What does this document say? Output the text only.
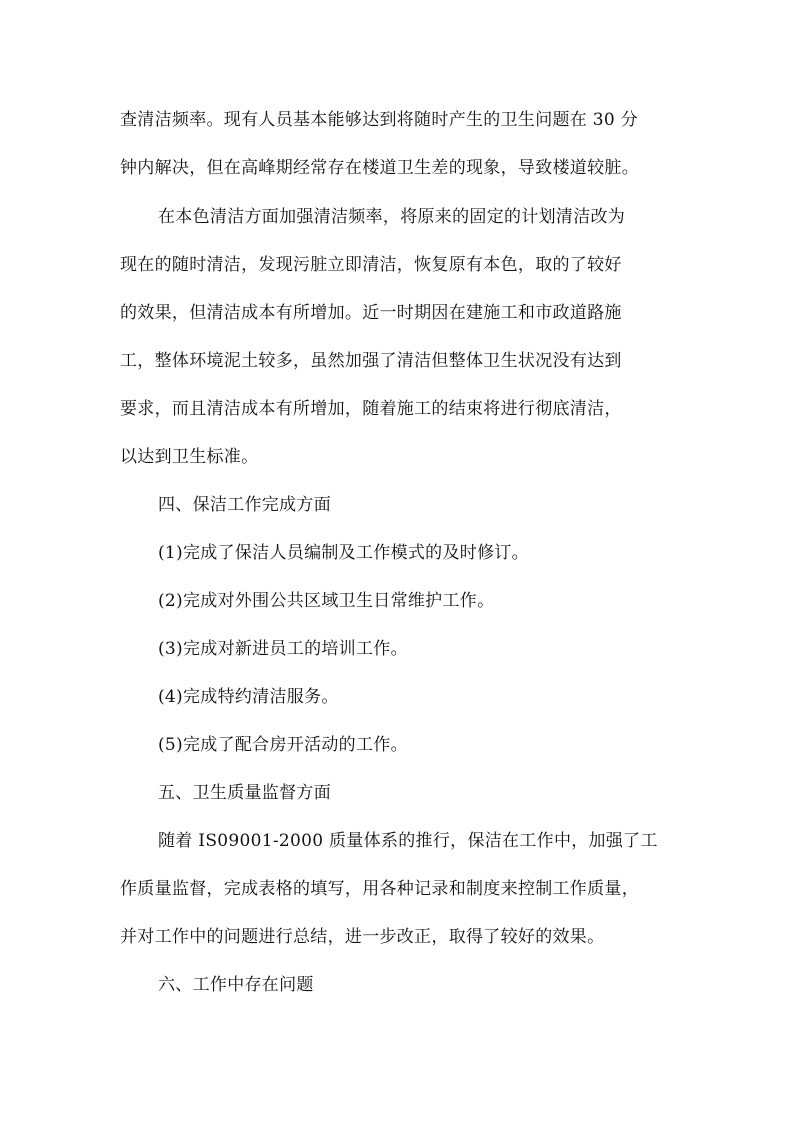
查清洁频率。现有人员基本能够达到将随时产生的卫生问题在 30 分
钟内解决，但在高峰期经常存在楼道卫生差的现象，导致楼道较脏。
在本色清洁方面加强清洁频率，将原来的固定的计划清洁改为
现在的随时清洁，发现污脏立即清洁，恢复原有本色，取的了较好
的效果，但清洁成本有所增加。近一时期因在建施工和市政道路施
工，整体环境泥土较多，虽然加强了清洁但整体卫生状况没有达到
要求，而且清洁成本有所增加，随着施工的结束将进行彻底清洁，
以达到卫生标准。
四、保洁工作完成方面
(1)完成了保洁人员编制及工作模式的及时修订。
(2)完成对外围公共区域卫生日常维护工作。
(3)完成对新进员工的培训工作。
(4)完成特约清洁服务。
(5)完成了配合房开活动的工作。
五、卫生质量监督方面
随着 IS09001-2000 质量体系的推行，保洁在工作中，加强了工
作质量监督，完成表格的填写，用各种记录和制度来控制工作质量，
并对工作中的问题进行总结，进一步改正，取得了较好的效果。
六、工作中存在问题
